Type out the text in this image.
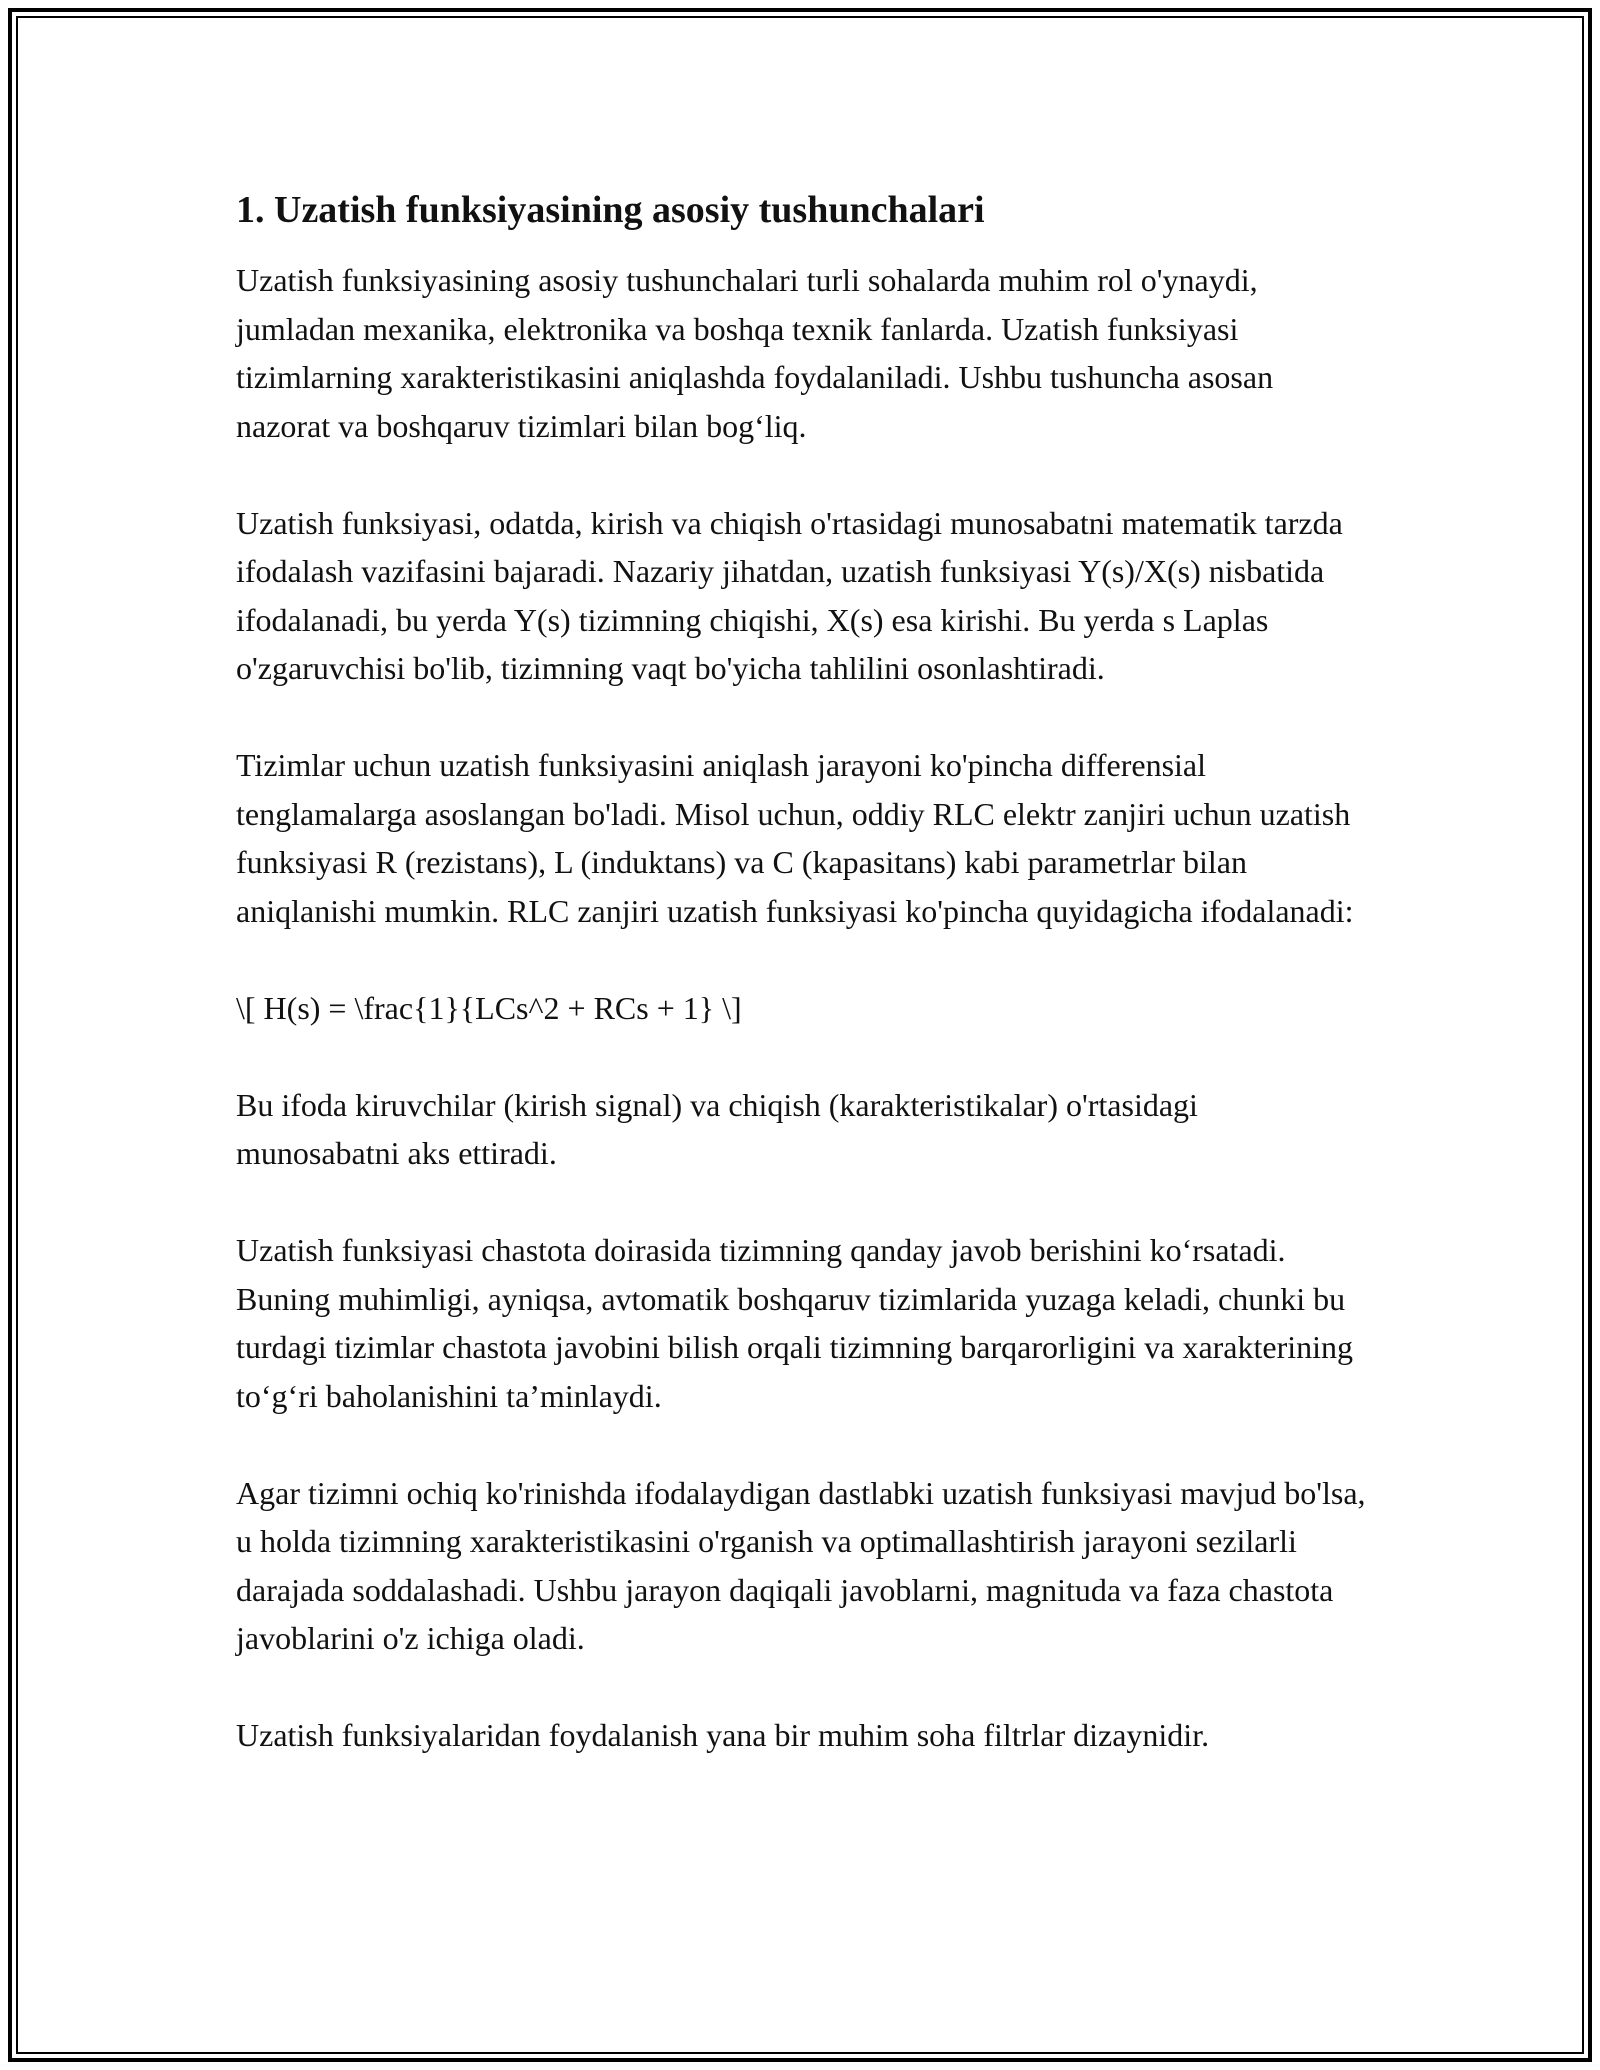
1. Uzatish funksiyasining asosiy tushunchalari

Uzatish funksiyasining asosiy tushunchalari turli sohalarda muhim rol o'ynaydi, jumladan mexanika, elektronika va boshqa texnik fanlarda. Uzatish funksiyasi tizimlarning xarakteristikasini aniqlashda foydalaniladi. Ushbu tushuncha asosan nazorat va boshqaruv tizimlari bilan bog‘liq.

Uzatish funksiyasi, odatda, kirish va chiqish o'rtasidagi munosabatni matematik tarzda ifodalash vazifasini bajaradi. Nazariy jihatdan, uzatish funksiyasi Y(s)/X(s) nisbatida ifodalanadi, bu yerda Y(s) tizimning chiqishi, X(s) esa kirishi. Bu yerda s Laplas o'zgaruvchisi bo'lib, tizimning vaqt bo'yicha tahlilini osonlashtiradi.

Tizimlar uchun uzatish funksiyasini aniqlash jarayoni ko'pincha differensial tenglamalarga asoslangan bo'ladi. Misol uchun, oddiy RLC elektr zanjiri uchun uzatish funksiyasi R (rezistans), L (induktans) va C (kapasitans) kabi parametrlar bilan aniqlanishi mumkin. RLC zanjiri uzatish funksiyasi ko'pincha quyidagicha ifodalanadi:

\[ H(s) = \frac{1}{LCs^2 + RCs + 1} \]

Bu ifoda kiruvchilar (kirish signal) va chiqish (karakteristikalar) o'rtasidagi munosabatni aks ettiradi.

Uzatish funksiyasi chastota doirasida tizimning qanday javob berishini ko‘rsatadi. Buning muhimligi, ayniqsa, avtomatik boshqaruv tizimlarida yuzaga keladi, chunki bu turdagi tizimlar chastota javobini bilish orqali tizimning barqarorligini va xarakterining to‘g‘ri baholanishini ta’minlaydi.

Agar tizimni ochiq ko'rinishda ifodalaydigan dastlabki uzatish funksiyasi mavjud bo'lsa, u holda tizimning xarakteristikasini o'rganish va optimallashtirish jarayoni sezilarli darajada soddalashadi. Ushbu jarayon daqiqali javoblarni, magnituda va faza chastota javoblarini o'z ichiga oladi.

Uzatish funksiyalaridan foydalanish yana bir muhim soha filtrlar dizaynidir.
